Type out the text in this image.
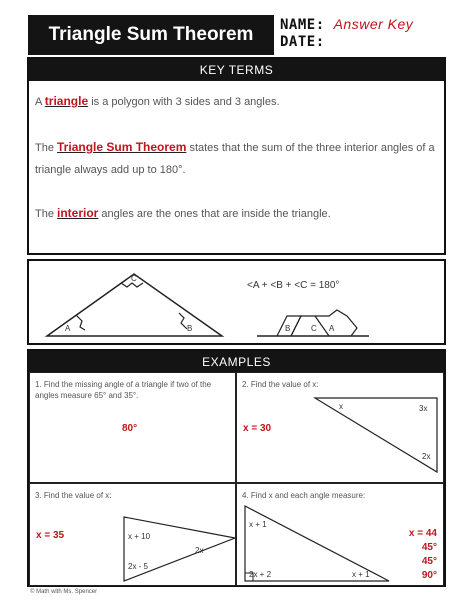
Triangle Sum Theorem	NAME: Answer Key
DATE:
KEY TERMS
A triangle is a polygon with 3 sides and 3 angles.
The Triangle Sum Theorem states that the sum of the three interior angles of a triangle always add up to 180°.
The interior angles are the ones that are inside the triangle.
A	B
C
B	C A
<A + <B + <C = 180°
EXAMPLES
1. Find the missing angle of a triangle if two of the angles measure 65° and 35°.
80°
2. Find the value of x:
x = 30
x	3x
2x
3. Find the value of x:
x = 35	x + 10
2x
2x - 5
4. Find x and each angle measure:
x + 1
2x + 2	x + 1
x = 44
45°
45°
90°
© Math with Ms. Spencer
